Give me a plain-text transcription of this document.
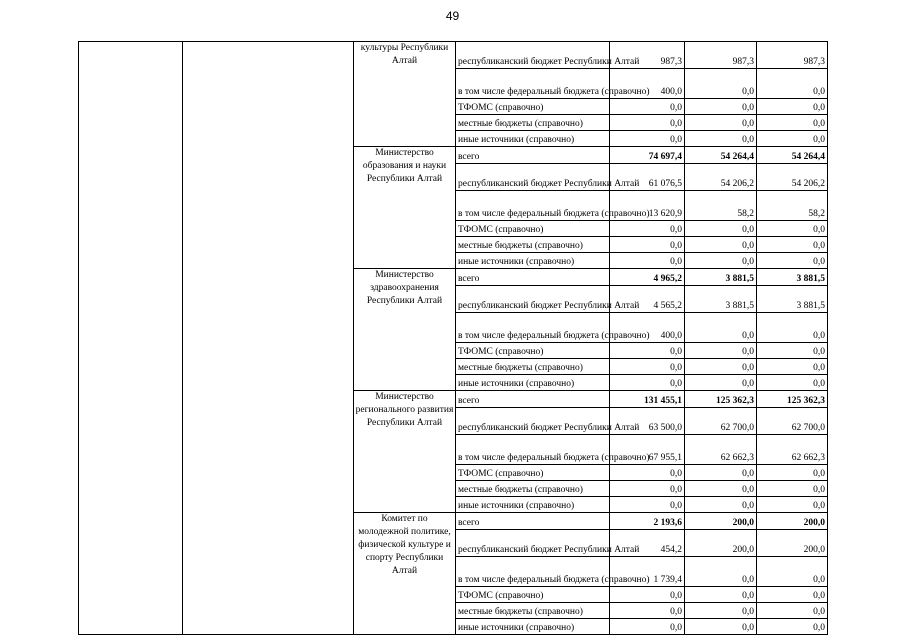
49
		культуры Республики Алтай	республиканский бюджет Республики Алтай	987,3	987,3	987,3
			в том числе федеральный бюджета (справочно)	400,0	0,0	0,0
			ТФОМС (справочно)	0,0	0,0	0,0
			местные бюджеты (справочно)	0,0	0,0	0,0
			иные источники (справочно)	0,0	0,0	0,0
		Министерство образования и науки Республики Алтай	всего	74 697,4	54 264,4	54 264,4
			республиканский бюджет Республики Алтай	61 076,5	54 206,2	54 206,2
			в том числе федеральный бюджета (справочно)	13 620,9	58,2	58,2
			ТФОМС (справочно)	0,0	0,0	0,0
			местные бюджеты (справочно)	0,0	0,0	0,0
			иные источники (справочно)	0,0	0,0	0,0
		Министерство здравоохранения Республики Алтай	всего	4 965,2	3 881,5	3 881,5
			республиканский бюджет Республики Алтай	4 565,2	3 881,5	3 881,5
			в том числе федеральный бюджета (справочно)	400,0	0,0	0,0
			ТФОМС (справочно)	0,0	0,0	0,0
			местные бюджеты (справочно)	0,0	0,0	0,0
			иные источники (справочно)	0,0	0,0	0,0
		Министерство регионального развития Республики Алтай	всего	131 455,1	125 362,3	125 362,3
			республиканский бюджет Республики Алтай	63 500,0	62 700,0	62 700,0
			в том числе федеральный бюджета (справочно)	67 955,1	62 662,3	62 662,3
			ТФОМС (справочно)	0,0	0,0	0,0
			местные бюджеты (справочно)	0,0	0,0	0,0
			иные источники (справочно)	0,0	0,0	0,0
		Комитет по молодежной политике, физической культуре и спорту Республики Алтай	всего	2 193,6	200,0	200,0
			республиканский бюджет Республики Алтай	454,2	200,0	200,0
			в том числе федеральный бюджета (справочно)	1 739,4	0,0	0,0
			ТФОМС (справочно)	0,0	0,0	0,0
			местные бюджеты (справочно)	0,0	0,0	0,0
			иные источники (справочно)	0,0	0,0	0,0
